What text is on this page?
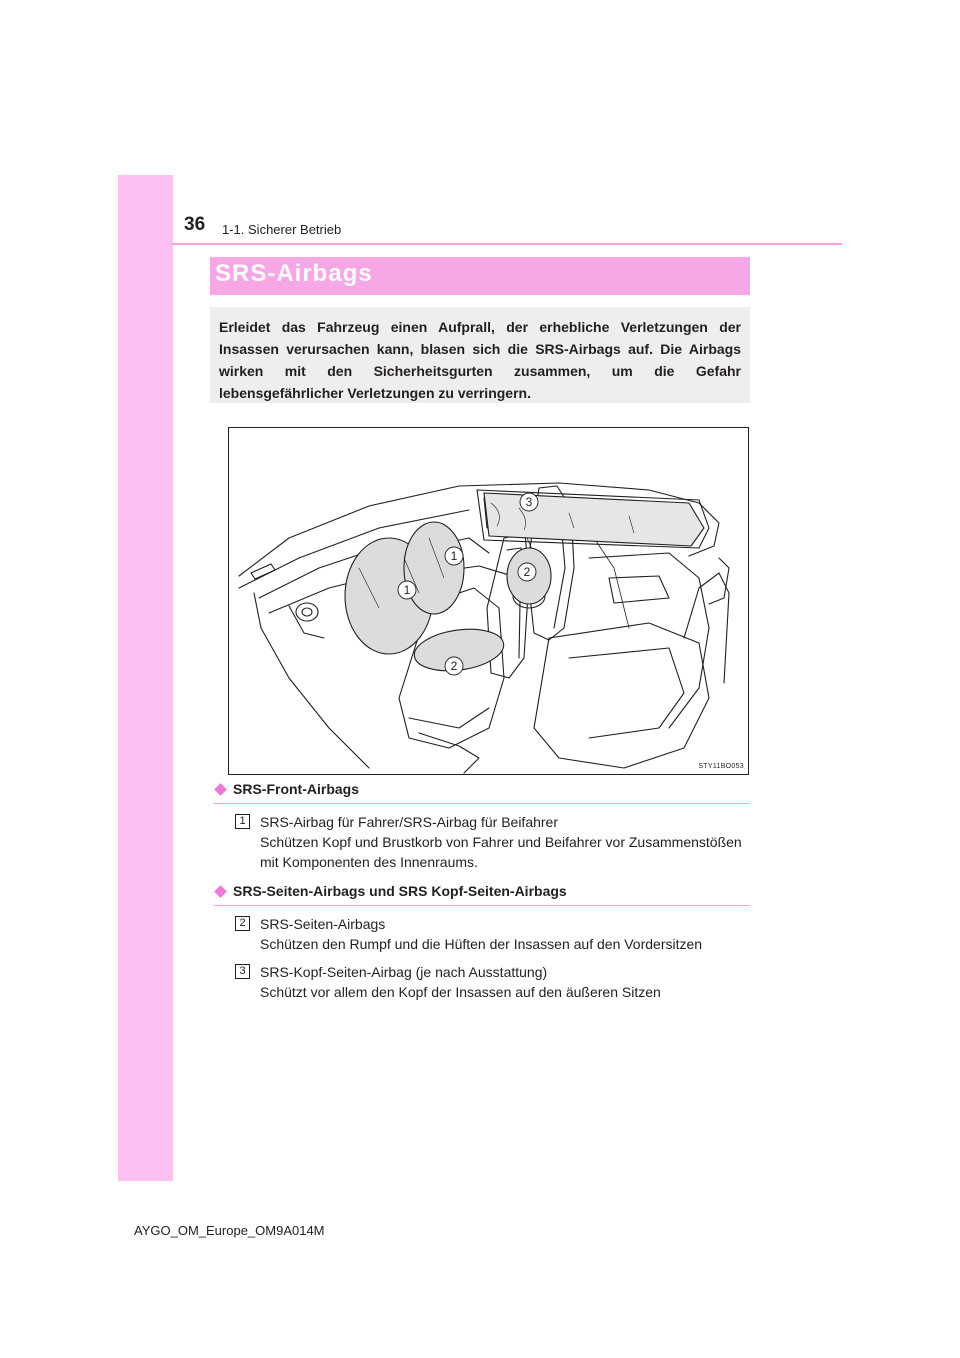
36 1-1. Sicherer Betrieb
SRS-Airbags
Erleidet das Fahrzeug einen Aufprall, der erhebliche Verletzungen der Insassen verursachen kann, blasen sich die SRS-Airbags auf. Die Airbags wirken mit den Sicherheitsgurten zusammen, um die Gefahr lebensgefährlicher Verletzungen zu verringern.
1
1
2
2
3
STY11BO053
SRS-Front-Airbags
1	SRS-Airbag für Fahrer/SRS-Airbag für Beifahrer
Schützen Kopf und Brustkorb von Fahrer und Beifahrer vor Zusammenstößen mit Komponenten des Innenraums.
SRS-Seiten-Airbags und SRS Kopf-Seiten-Airbags
2	SRS-Seiten-Airbags
Schützen den Rumpf und die Hüften der Insassen auf den Vordersitzen
3	SRS-Kopf-Seiten-Airbag (je nach Ausstattung)
Schützt vor allem den Kopf der Insassen auf den äußeren Sitzen
AYGO_OM_Europe_OM9A014M
